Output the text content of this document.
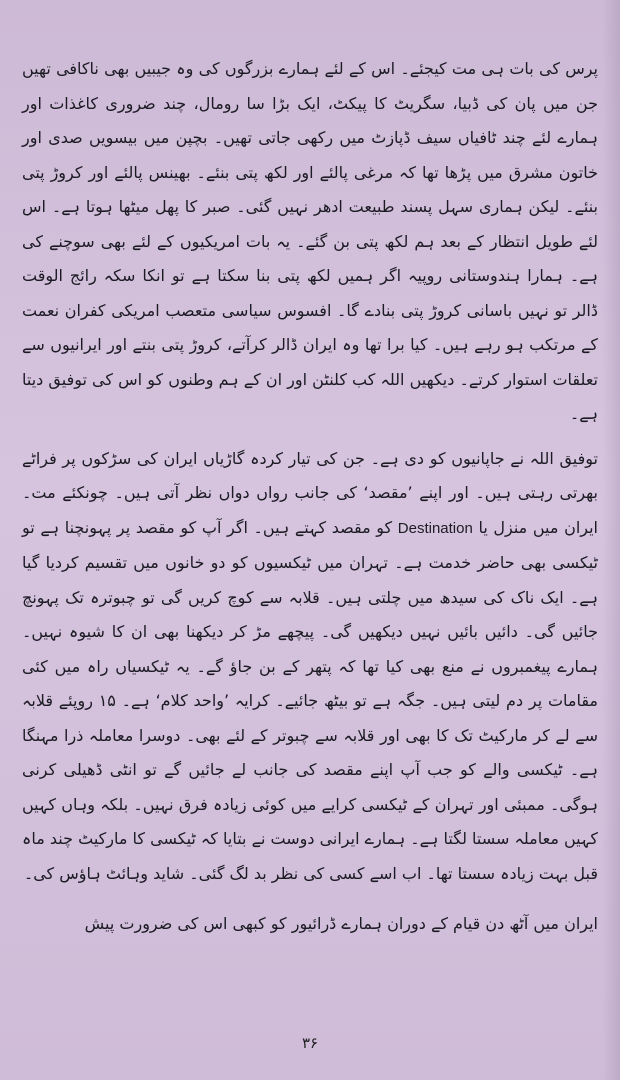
پرس کی بات ہی مت کیجئے۔ اس کے لئے ہمارے بزرگوں کی وہ جیبیں بھی ناکافی تھیں جن میں پان کی ڈبیا، سگریٹ کا پیکٹ، ایک بڑا سا رومال، چند ضروری کاغذات اور ہمارے لئے چند ٹافیاں سیف ڈپازٹ میں رکھی جاتی تھیں۔ بچپن میں بیسویں صدی اور خاتون مشرق میں پڑھا تھا کہ مرغی پالئے اور لکھ پتی بنئے۔ بھینس پالئے اور کروڑ پتی بنئے۔ لیکن ہماری سہل پسند طبیعت ادھر نہیں گئی۔ صبر کا پھل میٹھا ہوتا ہے۔ اس لئے طویل انتظار کے بعد ہم لکھ پتی بن گئے۔ یہ بات امریکیوں کے لئے بھی سوچنے کی ہے۔ ہمارا ہندوستانی روپیہ اگر ہمیں لکھ پتی بنا سکتا ہے تو انکا سکہ رائج الوقت ڈالر تو نہیں باسانی کروڑ پتی بنادے گا۔ افسوس سیاسی متعصب امریکی کفران نعمت کے مرتکب ہو رہے ہیں۔ کیا برا تھا وہ ایران ڈالر کرآتے، کروڑ پتی بنتے اور ایرانیوں سے تعلقات استوار کرتے۔ دیکھیں اللہ کب کلنٹن اور ان کے ہم وطنوں کو اس کی توفیق دیتا ہے۔

توفیق اللہ نے جاپانیوں کو دی ہے۔ جن کی تیار کردہ گاڑیاں ایران کی سڑکوں پر فراٹے بھرتی رہتی ہیں۔ اور اپنے ’مقصد‘ کی جانب رواں دواں نظر آتی ہیں۔ چونکئے مت۔ ایران میں منزل یا Destination کو مقصد کہتے ہیں۔ اگر آپ کو مقصد پر پہونچنا ہے تو ٹیکسی بھی حاضر خدمت ہے۔ تہران میں ٹیکسیوں کو دو خانوں میں تقسیم کردیا گیا ہے۔ ایک ناک کی سیدھ میں چلتی ہیں۔ قلابہ سے کوچ کریں گی تو چبوترہ تک پہونچ جائیں گی۔ دائیں بائیں نہیں دیکھیں گی۔ پیچھے مڑ کر دیکھنا بھی ان کا شیوہ نہیں۔ ہمارے پیغمبروں نے منع بھی کیا تھا کہ پتھر کے بن جاؤ گے۔ یہ ٹیکسیاں راہ میں کئی مقامات پر دم لیتی ہیں۔ جگہ ہے تو بیٹھ جائیے۔ کرایہ ’واحد کلام‘ ہے۔ ۱۵ روپئے قلابہ سے لے کر مارکیٹ تک کا بھی اور قلابہ سے چبوتر کے لئے بھی۔ دوسرا معاملہ ذرا مہنگا ہے۔ ٹیکسی والے کو جب آپ اپنے مقصد کی جانب لے جائیں گے تو انٹی ڈھیلی کرنی ہوگی۔ ممبئی اور تہران کے ٹیکسی کرایے میں کوئی زیادہ فرق نہیں۔ بلکہ وہاں کہیں کہیں معاملہ سستا لگتا ہے۔ ہمارے ایرانی دوست نے بتایا کہ ٹیکسی کا مارکیٹ چند ماہ قبل بہت زیادہ سستا تھا۔ اب اسے کسی کی نظر بد لگ گئی۔ شاید وہائٹ ہاؤس کی۔

ایران میں آٹھ دن قیام کے دوران ہمارے ڈرائیور کو کبھی اس کی ضرورت پیش

۳۶
